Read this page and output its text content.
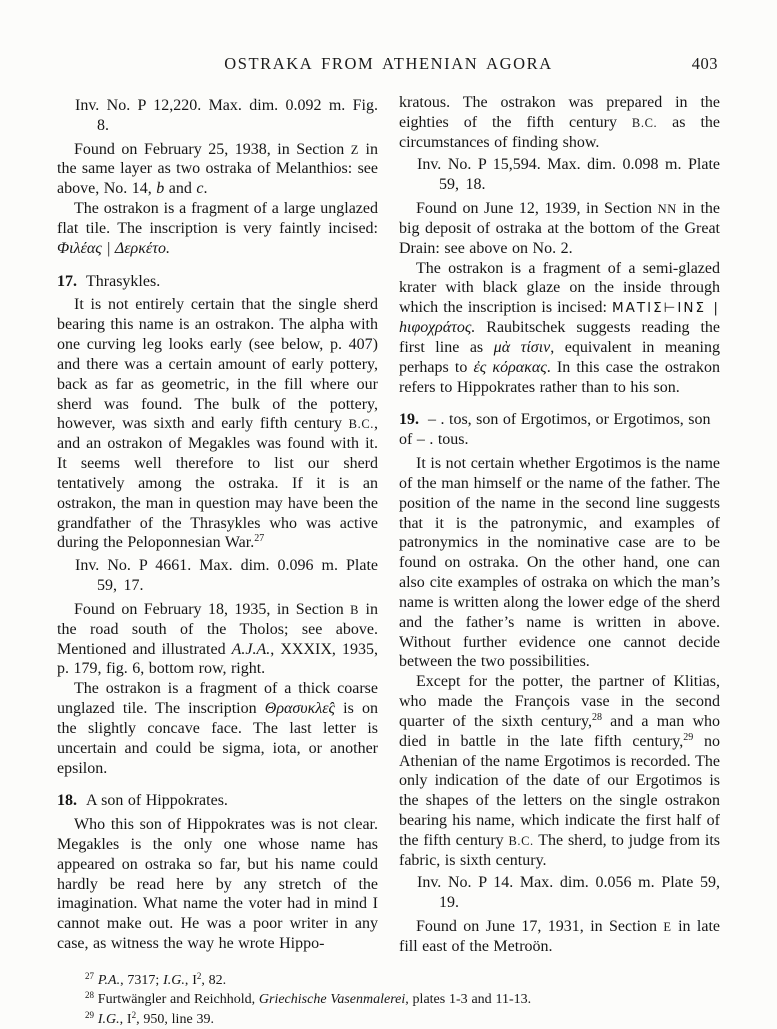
OSTRAKA FROM ATHENIAN AGORA	403

Inv. No. P 12,220. Max. dim. 0.092 m. Fig. 8.

Found on February 25, 1938, in Section Z in the same layer as two ostraka of Melanthios: see above, No. 14, b and c.

The ostrakon is a fragment of a large unglazed flat tile. The inscription is very faintly incised: Φιλέας | Δερκέτο.

17. Thrasykles.

It is not entirely certain that the single sherd bearing this name is an ostrakon. The alpha with one curving leg looks early (see below, p. 407) and there was a certain amount of early pottery, back as far as geometric, in the fill where our sherd was found. The bulk of the pottery, however, was sixth and early fifth century B.C., and an ostrakon of Megakles was found with it. It seems well therefore to list our sherd tentatively among the ostraka. If it is an ostrakon, the man in question may have been the grandfather of the Thrasykles who was active during the Peloponnesian War.$^{27}$

Inv. No. P 4661. Max. dim. 0.096 m. Plate 59, 17.

Found on February 18, 1935, in Section B in the road south of the Tholos; see above. Mentioned and illustrated A.J.A., XXXIX, 1935, p. 179, fig. 6, bottom row, right.

The ostrakon is a fragment of a thick coarse unglazed tile. The inscription Θρασυκλε̂ς is on the slightly concave face. The last letter is uncertain and could be sigma, iota, or another epsilon.

18. A son of Hippokrates.

Who this son of Hippokrates was is not clear. Megakles is the only one whose name has appeared on ostraka so far, but his name could hardly be read here by any stretch of the imagination. What name the voter had in mind I cannot make out. He was a poor writer in any case, as witness the way he wrote Hippo-

kratous. The ostrakon was prepared in the eighties of the fifth century B.C. as the circumstances of finding show.

Inv. No. P 15,594. Max. dim. 0.098 m. Plate 59, 18.

Found on June 12, 1939, in Section NN in the big deposit of ostraka at the bottom of the Great Drain: see above on No. 2.

The ostrakon is a fragment of a semi-glazed krater with black glaze on the inside through which the inscription is incised: ΜΑΤΙΣ⊢ΙΝΣ | hιφοχράτος. Raubitschek suggests reading the first line as μὰ τίσιν, equivalent in meaning perhaps to ἐς κόρακας. In this case the ostrakon refers to Hippokrates rather than to his son.

19. – . tos, son of Ergotimos, or Ergotimos, son of – . tous.

It is not certain whether Ergotimos is the name of the man himself or the name of the father. The position of the name in the second line suggests that it is the patronymic, and examples of patronymics in the nominative case are to be found on ostraka. On the other hand, one can also cite examples of ostraka on which the man’s name is written along the lower edge of the sherd and the father’s name is written in above. Without further evidence one cannot decide between the two possibilities.

Except for the potter, the partner of Klitias, who made the François vase in the second quarter of the sixth century,$^{28}$ and a man who died in battle in the late fifth century,$^{29}$ no Athenian of the name Ergotimos is recorded. The only indication of the date of our Ergotimos is the shapes of the letters on the single ostrakon bearing his name, which indicate the first half of the fifth century B.C. The sherd, to judge from its fabric, is sixth century.

Inv. No. P 14. Max. dim. 0.056 m. Plate 59, 19.

Found on June 17, 1931, in Section E in late fill east of the Metroön.

$^{27}$ P.A., 7317; I.G., $I^2$, 82.

$^{28}$ Furtwängler and Reichhold, Griechische Vasenmalerei, plates 1-3 and 11-13.

$^{29}$ I.G., $I^2$, 950, line 39.
